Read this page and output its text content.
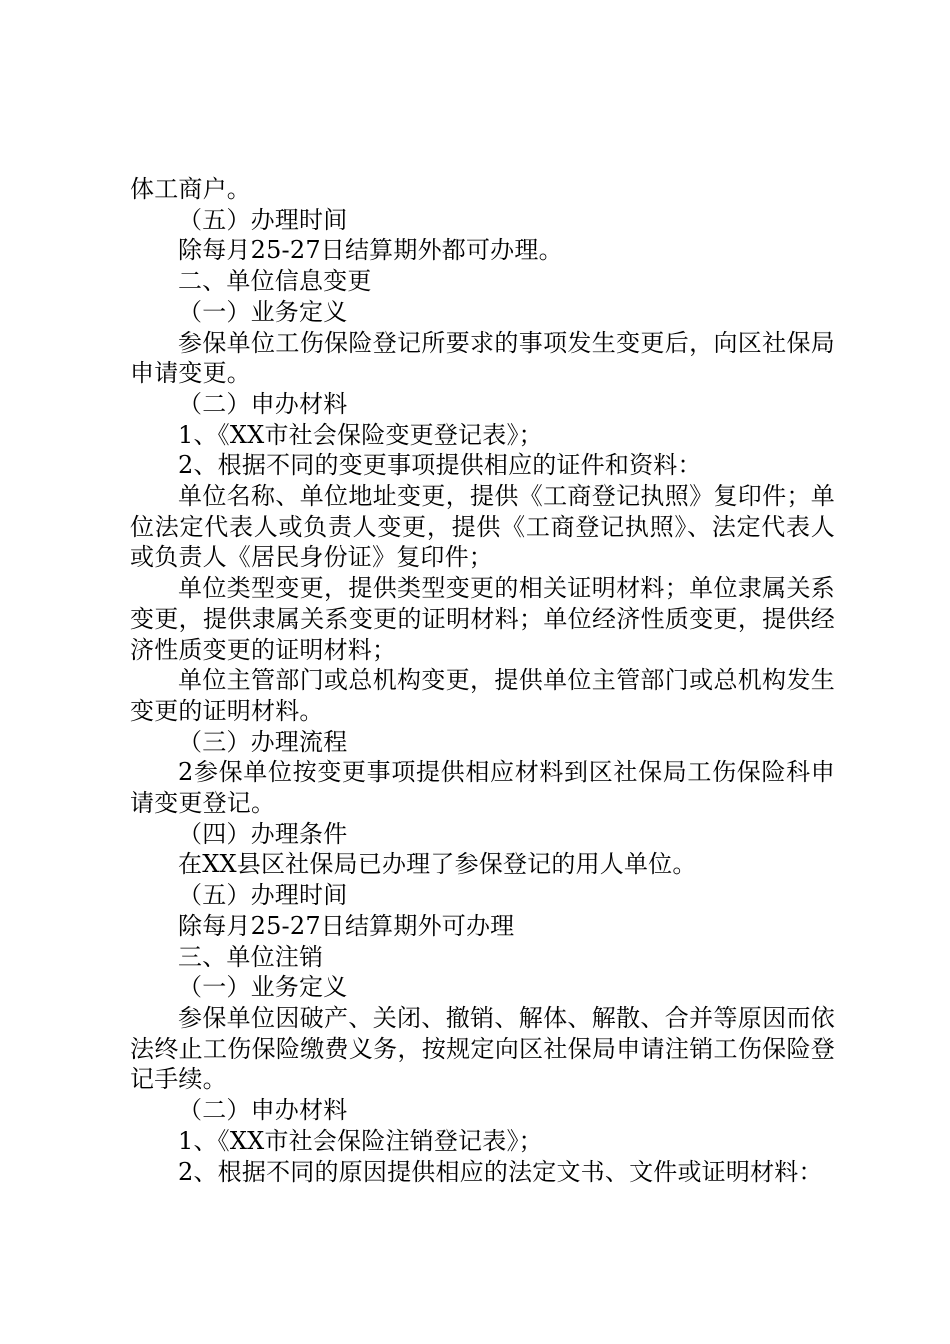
体工商户。

（五）办理时间

除每月25-27日结算期外都可办理。

二、单位信息变更

（一）业务定义

参保单位工伤保险登记所要求的事项发生变更后，向区社保局申请变更。

（二）申办材料

1、《XX市社会保险变更登记表》；

2、根据不同的变更事项提供相应的证件和资料：

单位名称、单位地址变更，提供《工商登记执照》复印件；单位法定代表人或负责人变更，提供《工商登记执照》、法定代表人或负责人《居民身份证》复印件；

单位类型变更，提供类型变更的相关证明材料；单位隶属关系变更，提供隶属关系变更的证明材料；单位经济性质变更，提供经济性质变更的证明材料；

单位主管部门或总机构变更，提供单位主管部门或总机构发生变更的证明材料。

（三）办理流程

2参保单位按变更事项提供相应材料到区社保局工伤保险科申请变更登记。

（四）办理条件

在XX县区社保局已办理了参保登记的用人单位。

（五）办理时间

除每月25-27日结算期外可办理

三、单位注销

（一）业务定义

参保单位因破产、关闭、撤销、解体、解散、合并等原因而依法终止工伤保险缴费义务，按规定向区社保局申请注销工伤保险登记手续。

（二）申办材料

1、《XX市社会保险注销登记表》；

2、根据不同的原因提供相应的法定文书、文件或证明材料：
